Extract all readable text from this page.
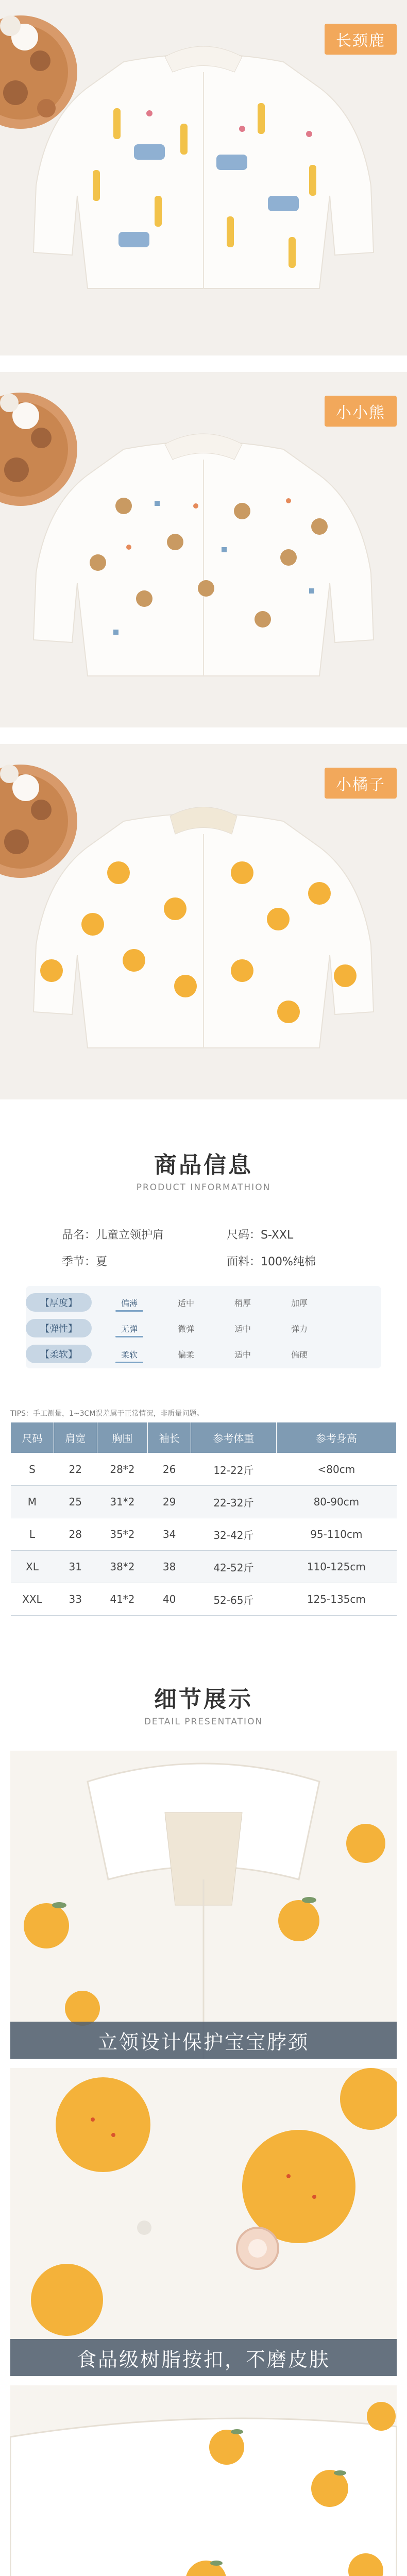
长颈鹿
小小熊
小橘子
商品信息
PRODUCT INFORMATHION
品名：儿童立领护肩	尺码：S-XXL
季节：夏	面料：100%纯棉
【厚度】	偏薄	适中	稍厚	加厚
【弹性】	无弹	微弹	适中	弹力
【柔软】	柔软	偏柔	适中	偏硬
TIPS：手工测量，1~3CM误差属于正常情况，非质量问题。
尺码	肩宽	胸围	袖长	参考体重	参考身高
S	22	28*2	26	12-22斤	<80cm
M	25	31*2	29	22-32斤	80-90cm
L	28	35*2	34	32-42斤	95-110cm
XL	31	38*2	38	42-52斤	110-125cm
XXL	33	41*2	40	52-65斤	125-135cm
细节展示
DETAIL PRESENTATION
立领设计保护宝宝脖颈
食品级树脂按扣，不磨皮肤
